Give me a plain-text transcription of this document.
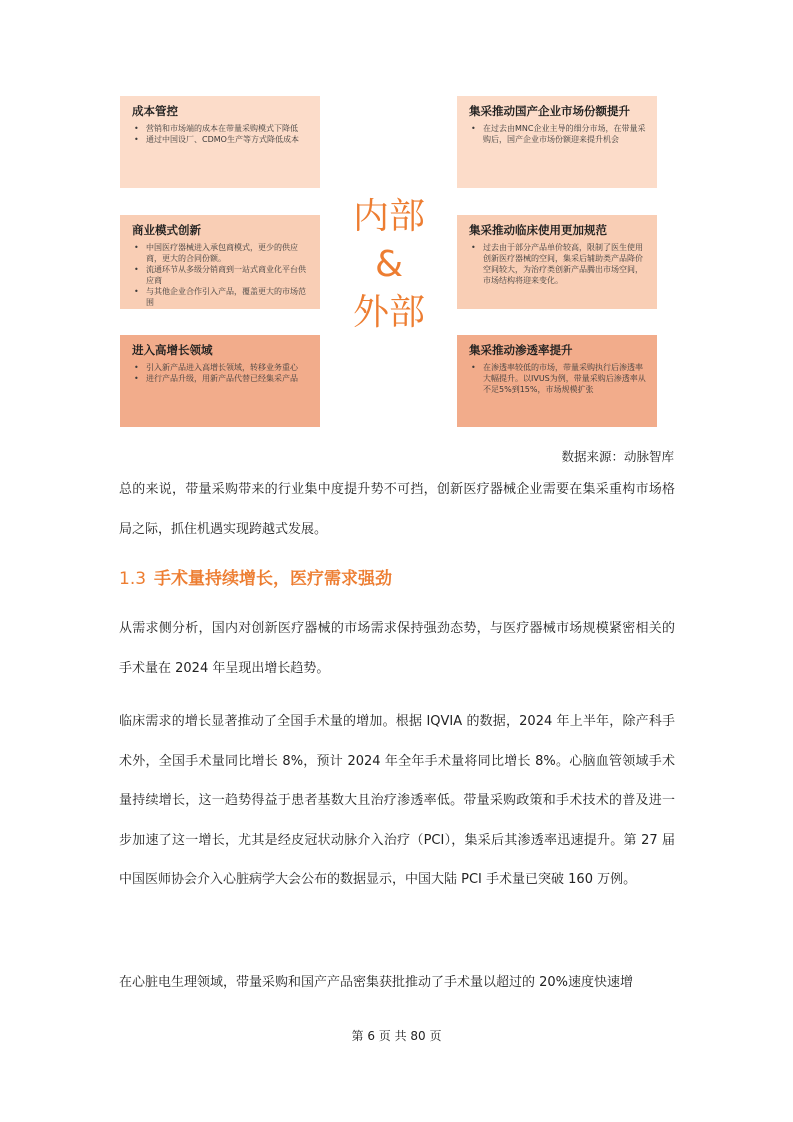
成本管控
• 营销和市场端的成本在带量采购模式下降低
• 通过中国设厂、CDMO生产等方式降低成本
商业模式创新
• 中国医疗器械进入承包商模式，更少的供应商，更大的合同份额。
• 流通环节从多级分销商到一站式商业化平台供应商
• 与其他企业合作引入产品，覆盖更大的市场范围
进入高增长领域
• 引入新产品进入高增长领域，转移业务重心
• 进行产品升级，用新产品代替已经集采产品
内部
&
外部
集采推动国产企业市场份额提升
• 在过去由MNC企业主导的细分市场，在带量采购后，国产企业市场份额迎来提升机会
集采推动临床使用更加规范
• 过去由于部分产品单价较高，限制了医生使用创新医疗器械的空间，集采后辅助类产品降价空间较大，为治疗类创新产品腾出市场空间，市场结构将迎来变化。
集采推动渗透率提升
• 在渗透率较低的市场，带量采购执行后渗透率大幅提升。以IVUS为例，带量采购后渗透率从不足5%到15%，市场规模扩张
数据来源：动脉智库

总的来说，带量采购带来的行业集中度提升势不可挡，创新医疗器械企业需要在集采重构市场格局之际，抓住机遇实现跨越式发展。

1.3 手术量持续增长，医疗需求强劲

从需求侧分析，国内对创新医疗器械的市场需求保持强劲态势，与医疗器械市场规模紧密相关的手术量在 2024 年呈现出增长趋势。

临床需求的增长显著推动了全国手术量的增加。根据 IQVIA 的数据，2024 年上半年，除产科手术外，全国手术量同比增长 8%，预计 2024 年全年手术量将同比增长 8%。心脑血管领域手术量持续增长，这一趋势得益于患者基数大且治疗渗透率低。带量采购政策和手术技术的普及进一步加速了这一增长，尤其是经皮冠状动脉介入治疗（PCI），集采后其渗透率迅速提升。第 27 届中国医师协会介入心脏病学大会公布的数据显示，中国大陆 PCI 手术量已突破 160 万例。

在心脏电生理领域，带量采购和国产产品密集获批推动了手术量以超过的 20%速度快速增

第 6 页 共 80 页
